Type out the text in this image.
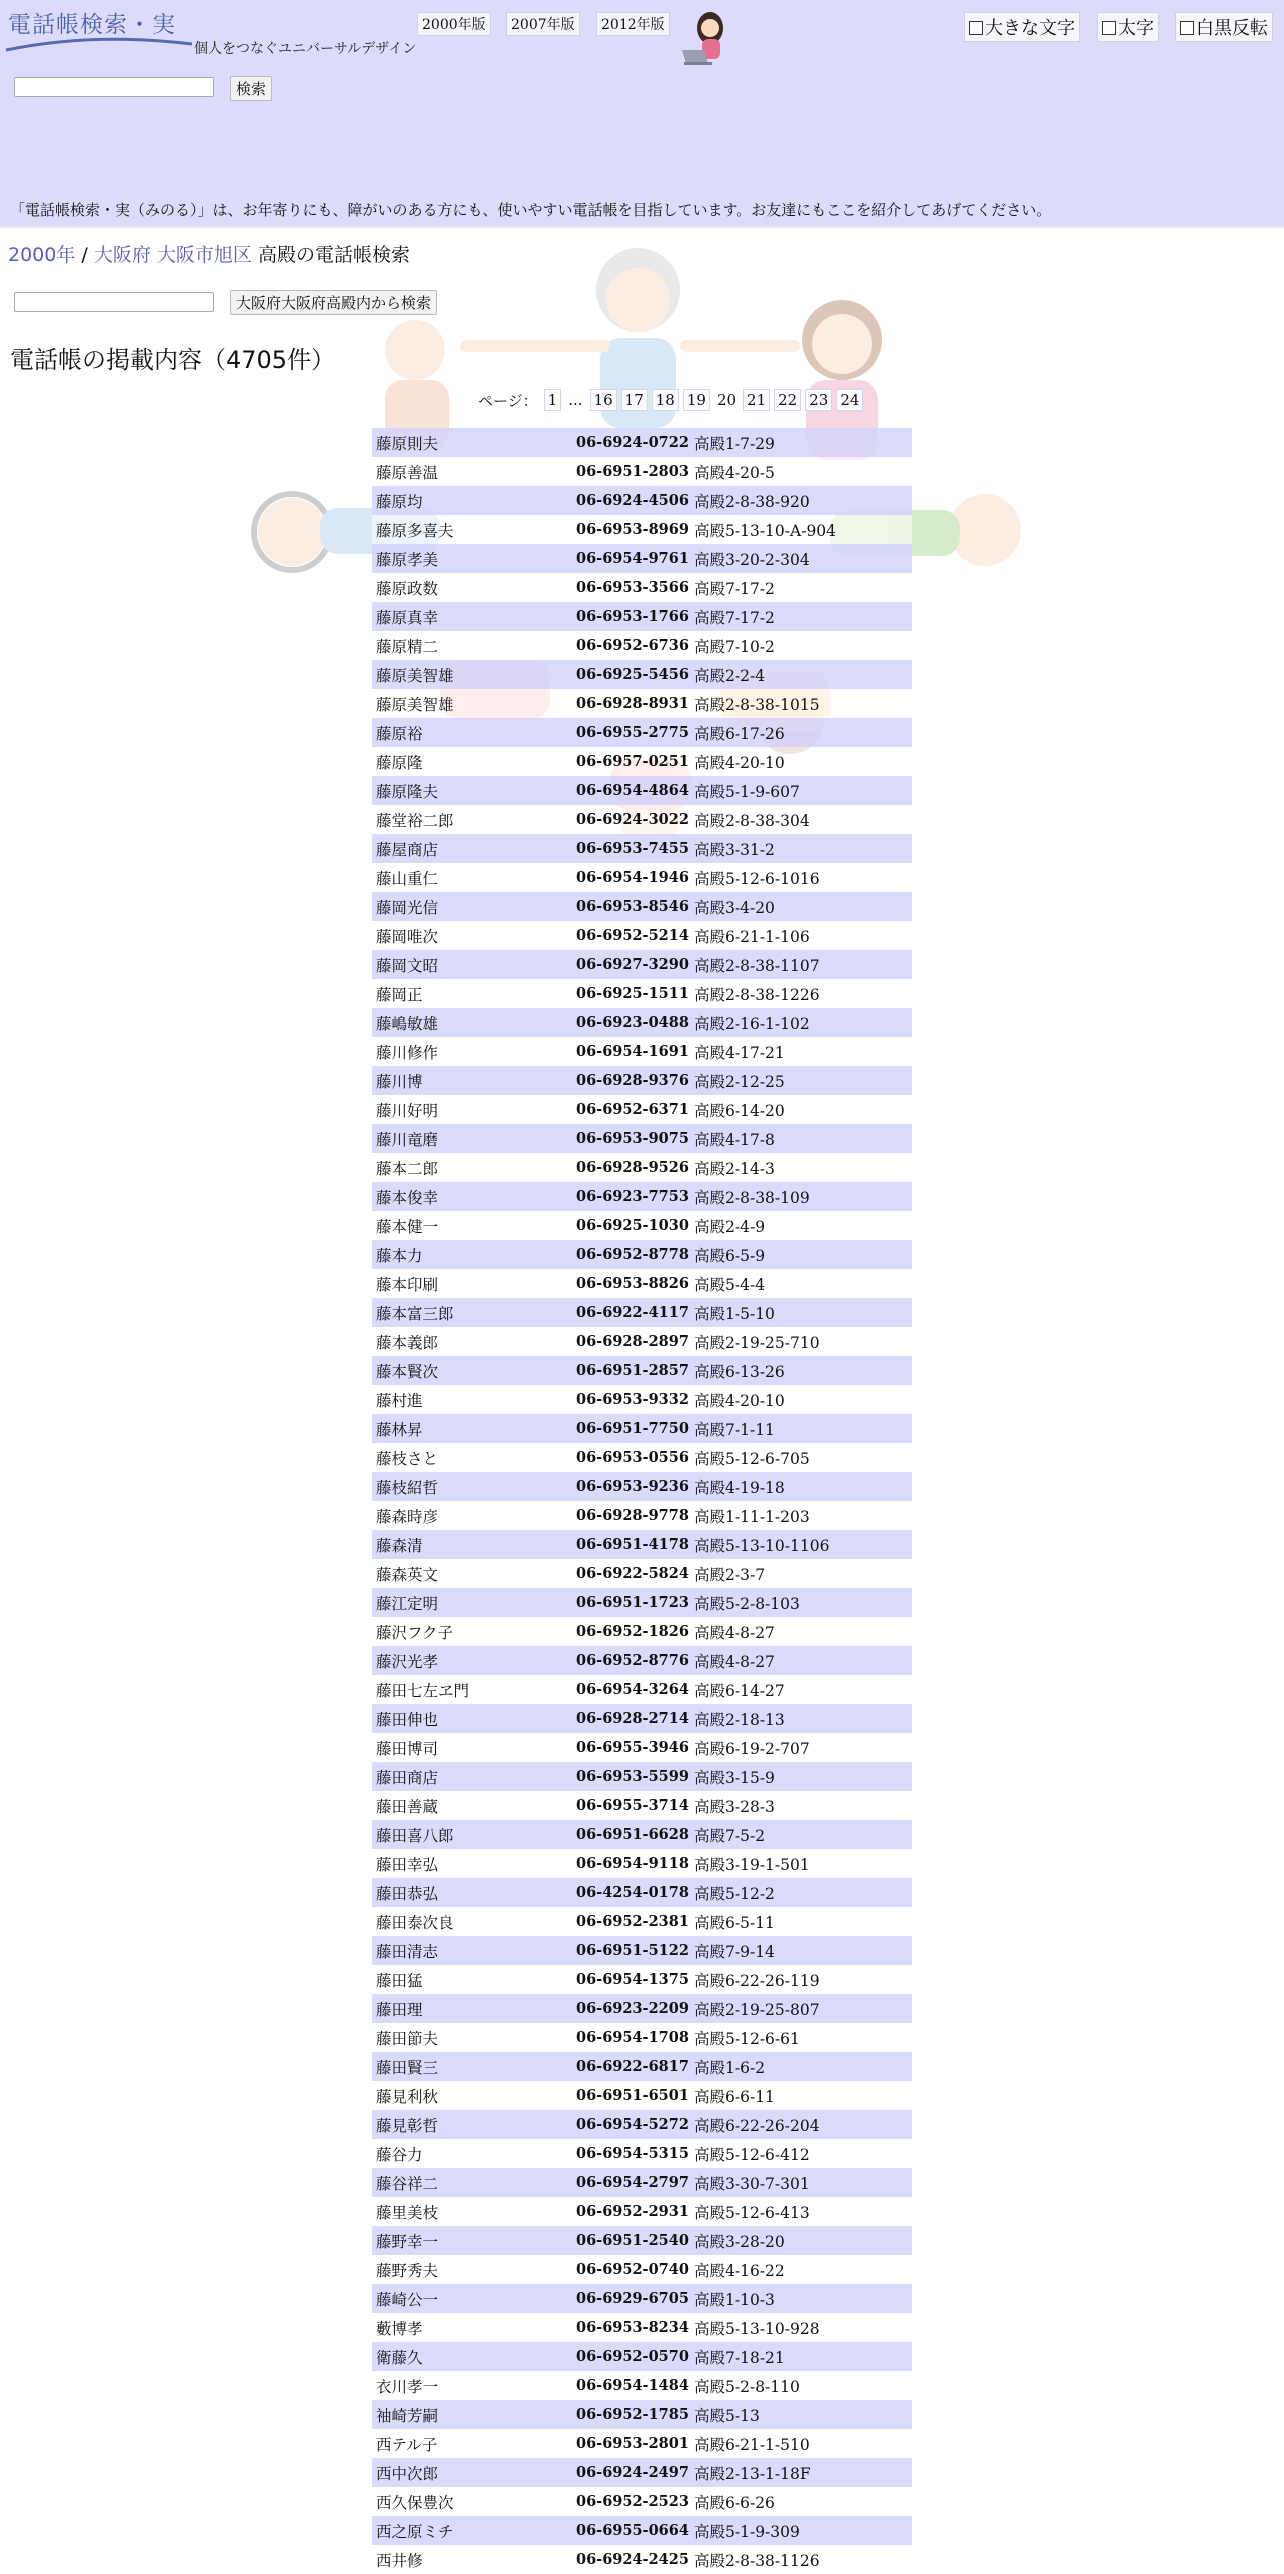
電話帳検索・実
個人をつなぐユニバーサルデザイン
2000年版	2007年版	2012年版	大きな文字	太字	白黒反転
検索
「電話帳検索・実（みのる）」は、お年寄りにも、障がいのある方にも、使いやすい電話帳を目指しています。お友達にもここを紹介してあげてください。
2000年 / 大阪府 大阪市旭区 高殿の電話帳検索
大阪府大阪府高殿内から検索
電話帳の掲載内容（4705件）
ページ： 1 ... 16 17 18 19 20 21 22 23 24
藤原則夫	06-6924-0722 高殿1-7-29
藤原善温	06-6951-2803 高殿4-20-5
藤原均	06-6924-4506 高殿2-8-38-920
藤原多喜夫	06-6953-8969 高殿5-13-10-A-904
藤原孝美	06-6954-9761 高殿3-20-2-304
藤原政数	06-6953-3566 高殿7-17-2
藤原真幸	06-6953-1766 高殿7-17-2
藤原精二	06-6952-6736 高殿7-10-2
藤原美智雄	06-6925-5456 高殿2-2-4
藤原美智雄	06-6928-8931 高殿2-8-38-1015
藤原裕	06-6955-2775 高殿6-17-26
藤原隆	06-6957-0251 高殿4-20-10
藤原隆夫	06-6954-4864 高殿5-1-9-607
藤堂裕二郎	06-6924-3022 高殿2-8-38-304
藤屋商店	06-6953-7455 高殿3-31-2
藤山重仁	06-6954-1946 高殿5-12-6-1016
藤岡光信	06-6953-8546 高殿3-4-20
藤岡唯次	06-6952-5214 高殿6-21-1-106
藤岡文昭	06-6927-3290 高殿2-8-38-1107
藤岡正	06-6925-1511 高殿2-8-38-1226
藤嶋敏雄	06-6923-0488 高殿2-16-1-102
藤川修作	06-6954-1691 高殿4-17-21
藤川博	06-6928-9376 高殿2-12-25
藤川好明	06-6952-6371 高殿6-14-20
藤川竜磨	06-6953-9075 高殿4-17-8
藤本二郎	06-6928-9526 高殿2-14-3
藤本俊幸	06-6923-7753 高殿2-8-38-109
藤本健一	06-6925-1030 高殿2-4-9
藤本力	06-6952-8778 高殿6-5-9
藤本印刷	06-6953-8826 高殿5-4-4
藤本富三郎	06-6922-4117 高殿1-5-10
藤本義郎	06-6928-2897 高殿2-19-25-710
藤本賢次	06-6951-2857 高殿6-13-26
藤村進	06-6953-9332 高殿4-20-10
藤林昇	06-6951-7750 高殿7-1-11
藤枝さと	06-6953-0556 高殿5-12-6-705
藤枝紹哲	06-6953-9236 高殿4-19-18
藤森時彦	06-6928-9778 高殿1-11-1-203
藤森清	06-6951-4178 高殿5-13-10-1106
藤森英文	06-6922-5824 高殿2-3-7
藤江定明	06-6951-1723 高殿5-2-8-103
藤沢フク子	06-6952-1826 高殿4-8-27
藤沢光孝	06-6952-8776 高殿4-8-27
藤田七左ヱ門	06-6954-3264 高殿6-14-27
藤田伸也	06-6928-2714 高殿2-18-13
藤田博司	06-6955-3946 高殿6-19-2-707
藤田商店	06-6953-5599 高殿3-15-9
藤田善蔵	06-6955-3714 高殿3-28-3
藤田喜八郎	06-6951-6628 高殿7-5-2
藤田幸弘	06-6954-9118 高殿3-19-1-501
藤田恭弘	06-4254-0178 高殿5-12-2
藤田泰次良	06-6952-2381 高殿6-5-11
藤田清志	06-6951-5122 高殿7-9-14
藤田猛	06-6954-1375 高殿6-22-26-119
藤田理	06-6923-2209 高殿2-19-25-807
藤田節夫	06-6954-1708 高殿5-12-6-61
藤田賢三	06-6922-6817 高殿1-6-2
藤見利秋	06-6951-6501 高殿6-6-11
藤見彰哲	06-6954-5272 高殿6-22-26-204
藤谷力	06-6954-5315 高殿5-12-6-412
藤谷祥二	06-6954-2797 高殿3-30-7-301
藤里美枝	06-6952-2931 高殿5-12-6-413
藤野幸一	06-6951-2540 高殿3-28-20
藤野秀夫	06-6952-0740 高殿4-16-22
藤崎公一	06-6929-6705 高殿1-10-3
藪博孝	06-6953-8234 高殿5-13-10-928
衛藤久	06-6952-0570 高殿7-18-21
衣川孝一	06-6954-1484 高殿5-2-8-110
袖崎芳嗣	06-6952-1785 高殿5-13
西テル子	06-6953-2801 高殿6-21-1-510
西中次郎	06-6924-2497 高殿2-13-1-18F
西久保豊次	06-6952-2523 高殿6-6-26
西之原ミチ	06-6955-0664 高殿5-1-9-309
西井修	06-6924-2425 高殿2-8-38-1126
